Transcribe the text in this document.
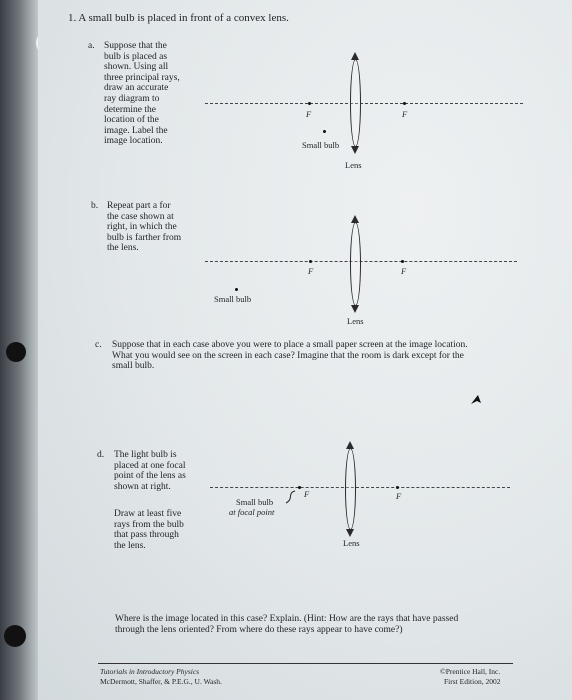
1. A small bulb is placed in front of a convex lens.
a. Suppose that the
bulb is placed as
shown. Using all
three principal rays,
draw an accurate
ray diagram to
determine the
location of the
image. Label the
image location.
F	F
Small bulb
Lens
b. Repeat part a for
the case shown at
right, in which the
bulb is farther from
the lens.
F	F
Small bulb
Lens
c. Suppose that in each case above you were to place a small paper screen at the image location.
What you would see on the screen in each case? Imagine that the room is dark except for the
small bulb.
d. The light bulb is
placed at one focal
point of the lens as
shown at right.
Draw at least five
rays from the bulb
that pass through
the lens.
F	F
Small bulb
at focal point
Lens
Where is the image located in this case? Explain. (Hint: How are the rays that have passed
through the lens oriented? From where do these rays appear to have come?)
Tutorials in Introductory Physics
McDermott, Shaffer, & P.E.G., U. Wash.
©Prentice Hall, Inc.
First Edition, 2002
